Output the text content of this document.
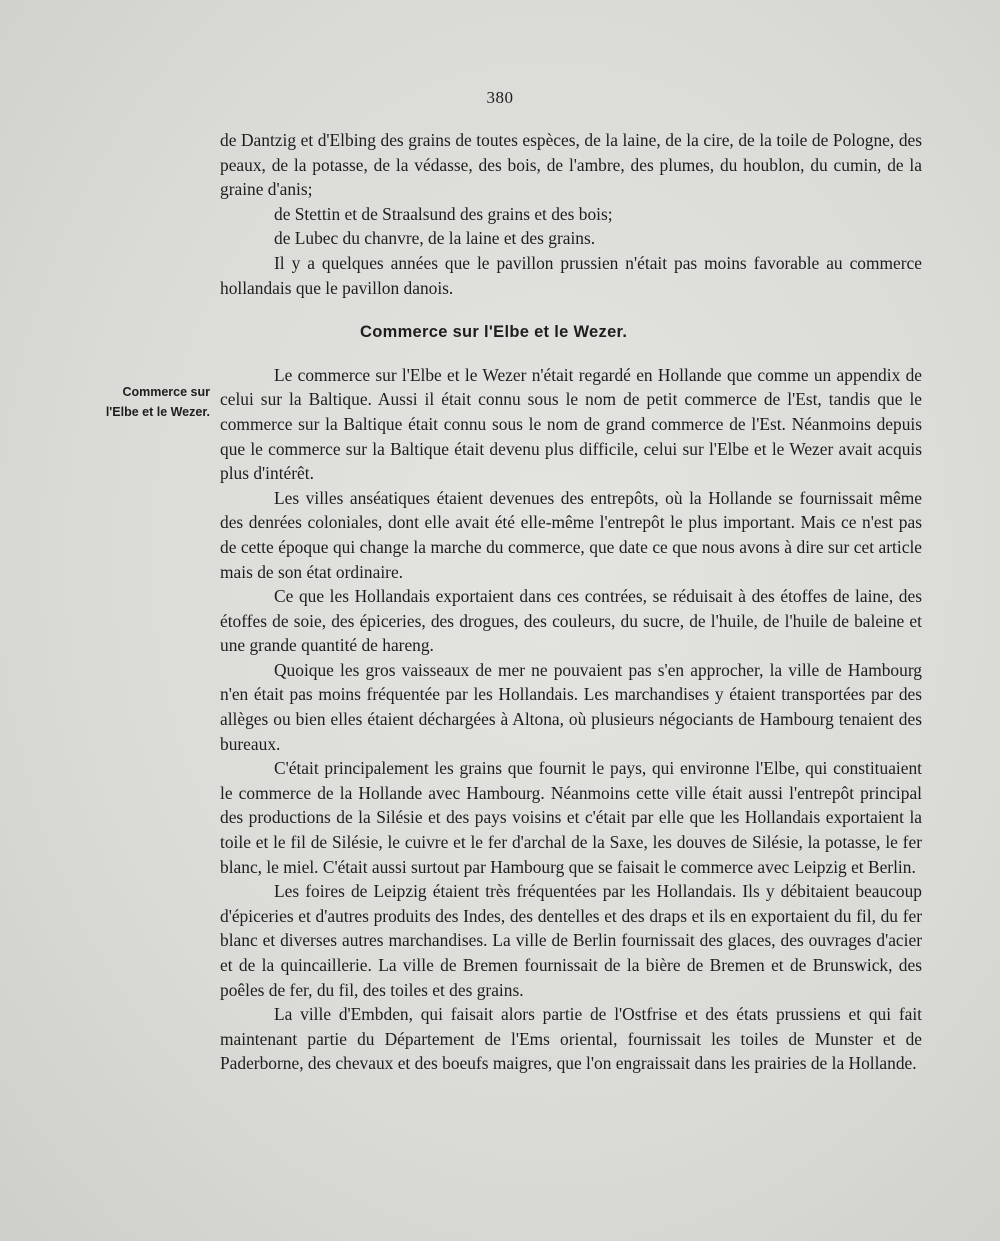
380
Commerce sur
l'Elbe et le Wezer.

de Dantzig et d'Elbing des grains de toutes espèces, de la laine, de la cire, de la toile de Pologne, des peaux, de la potasse, de la védasse, des bois, de l'ambre, des plumes, du houblon, du cumin, de la graine d'anis;

de Stettin et de Straalsund des grains et des bois;

de Lubec du chanvre, de la laine et des grains.

Il y a quelques années que le pavillon prussien n'était pas moins favorable au commerce hollandais que le pavillon danois.

Commerce sur l'Elbe et le Wezer.

Le commerce sur l'Elbe et le Wezer n'était regardé en Hollande que comme un appendix de celui sur la Baltique. Aussi il était connu sous le nom de petit commerce de l'Est, tandis que le commerce sur la Baltique était connu sous le nom de grand commerce de l'Est. Néanmoins depuis que le commerce sur la Baltique était devenu plus difficile, celui sur l'Elbe et le Wezer avait acquis plus d'intérêt.

Les villes anséatiques étaient devenues des entrepôts, où la Hollande se fournissait même des denrées coloniales, dont elle avait été elle-même l'entrepôt le plus important. Mais ce n'est pas de cette époque qui change la marche du commerce, que date ce que nous avons à dire sur cet article mais de son état ordinaire.

Ce que les Hollandais exportaient dans ces contrées, se réduisait à des étoffes de laine, des étoffes de soie, des épiceries, des drogues, des couleurs, du sucre, de l'huile, de l'huile de baleine et une grande quantité de hareng.

Quoique les gros vaisseaux de mer ne pouvaient pas s'en approcher, la ville de Hambourg n'en était pas moins fréquentée par les Hollandais. Les marchandises y étaient transportées par des allèges ou bien elles étaient déchargées à Altona, où plusieurs négociants de Hambourg tenaient des bureaux.

C'était principalement les grains que fournit le pays, qui environne l'Elbe, qui constituaient le commerce de la Hollande avec Hambourg. Néanmoins cette ville était aussi l'entrepôt principal des productions de la Silésie et des pays voisins et c'était par elle que les Hollandais exportaient la toile et le fil de Silésie, le cuivre et le fer d'archal de la Saxe, les douves de Silésie, la potasse, le fer blanc, le miel. C'était aussi surtout par Hambourg que se faisait le commerce avec Leipzig et Berlin.

Les foires de Leipzig étaient très fréquentées par les Hollandais. Ils y débitaient beaucoup d'épiceries et d'autres produits des Indes, des dentelles et des draps et ils en exportaient du fil, du fer blanc et diverses autres marchandises. La ville de Berlin fournissait des glaces, des ouvrages d'acier et de la quincaillerie. La ville de Bremen fournissait de la bière de Bremen et de Brunswick, des poêles de fer, du fil, des toiles et des grains.

La ville d'Embden, qui faisait alors partie de l'Ostfrise et des états prussiens et qui fait maintenant partie du Département de l'Ems oriental, fournissait les toiles de Munster et de Paderborne, des chevaux et des boeufs maigres, que l'on engraissait dans les prairies de la Hollande.
